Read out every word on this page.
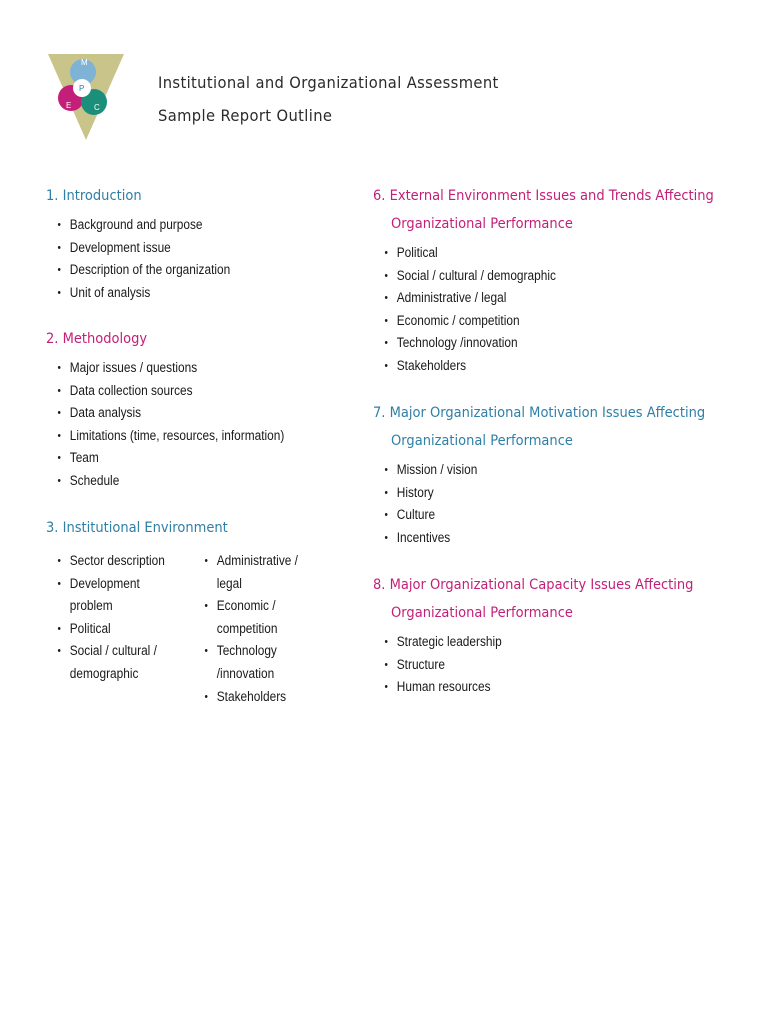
M
P
E	C
Institutional and Organizational Assessment
Sample Report Outline
1. Introduction
• Background and purpose
• Development issue
• Description of the organization
• Unit of analysis
2. Methodology
• Major issues / questions
• Data collection sources
• Data analysis
• Limitations (time, resources, information)
• Team
• Schedule
3. Institutional Environment
• Sector description
• Development problem
• Political
• Social / cultural / demographic
• Administrative / legal
• Economic / competition
• Technology /innovation
• Stakeholders
6. External Environment Issues and Trends Affecting
Organizational Performance
• Political
• Social / cultural / demographic
• Administrative / legal
• Economic / competition
• Technology /innovation
• Stakeholders
7. Major Organizational Motivation Issues Affecting
Organizational Performance
• Mission / vision
• History
• Culture
• Incentives
8. Major Organizational Capacity Issues Affecting
Organizational Performance
• Strategic leadership
• Structure
• Human resources
